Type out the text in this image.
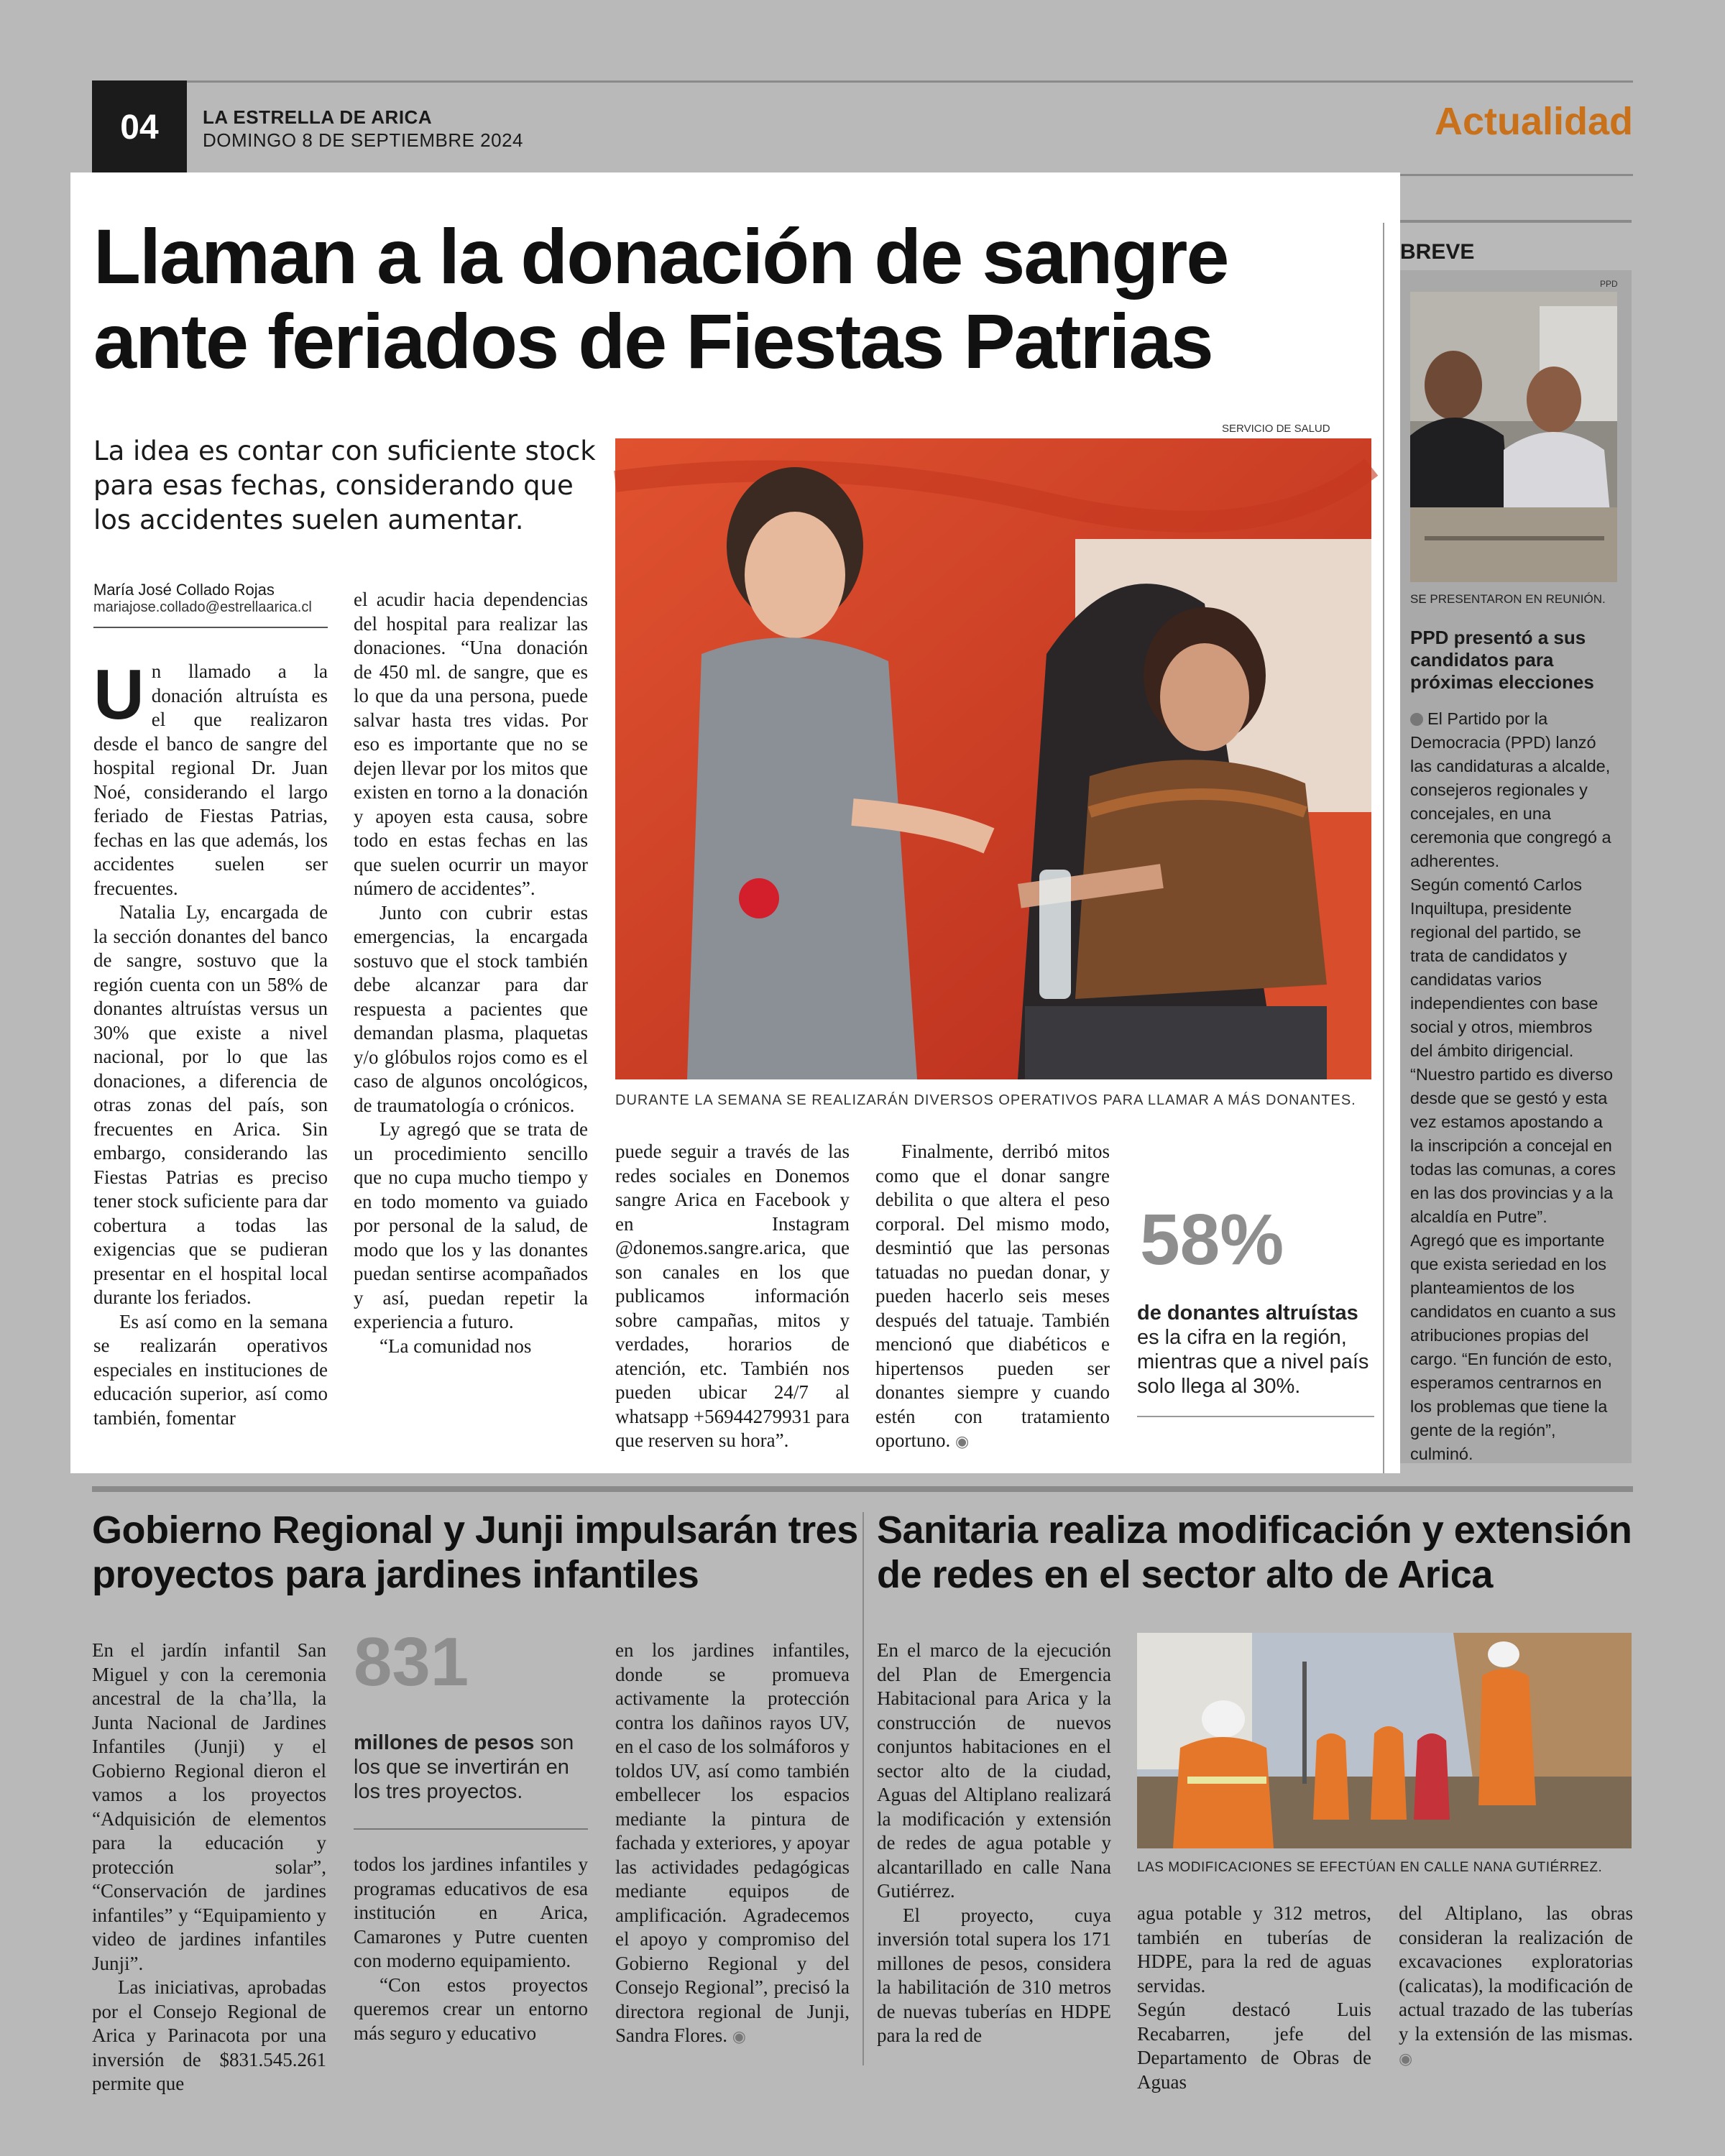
04	LA ESTRELLA DE ARICA
DOMINGO 8 DE SEPTIEMBRE 2024	Actualidad
Llaman a la donación de sangre ante feriados de Fiestas Patrias
La idea es contar con suficiente stock para esas fechas, considerando que los accidentes suelen aumentar.
María José Collado Rojas
mariajose.collado@estrellaarica.cl

Un llamado a la donación altruísta es el que realizaron desde el banco de sangre del hospital regional Dr. Juan Noé, considerando el largo feriado de Fiestas Patrias, fechas en las que además, los accidentes suelen ser frecuentes.

Natalia Ly, encargada de la sección donantes del banco de sangre, sostuvo que la región cuenta con un 58% de donantes altruístas versus un 30% que existe a nivel nacional, por lo que las donaciones, a diferencia de otras zonas del país, son frecuentes en Arica. Sin embargo, considerando las Fiestas Patrias es preciso tener stock suficiente para dar cobertura a todas las exigencias que se pudieran presentar en el hospital local durante los feriados.

Es así como en la semana se realizarán operativos especiales en instituciones de educación superior, así como también, fomentar

el acudir hacia dependencias del hospital para realizar las donaciones. “Una donación de 450 ml. de sangre, que es lo que da una persona, puede salvar hasta tres vidas. Por eso es importante que no se dejen llevar por los mitos que existen en torno a la donación y apoyen esta causa, sobre todo en estas fechas en las que suelen ocurrir un mayor número de accidentes”.

Junto con cubrir estas emergencias, la encargada sostuvo que el stock también debe alcanzar para dar respuesta a pacientes que demandan plasma, plaquetas y/o glóbulos rojos como es el caso de algunos oncológicos, de traumatología o crónicos.

Ly agregó que se trata de un procedimiento sencillo que no cupa mucho tiempo y en todo momento va guiado por personal de la salud, de modo que los y las donantes puedan sentirse acompañados y así, puedan repetir la experiencia a futuro.

“La comunidad nos

puede seguir a través de las redes sociales en Donemos sangre Arica en Facebook y en Instagram @donemos.sangre.arica, que son canales en los que publicamos información sobre campañas, mitos y verdades, horarios de atención, etc. También nos pueden ubicar 24/7 al whatsapp +56944279931 para que reserven su hora”.

Finalmente, derribó mitos como que el donar sangre debilita o que altera el peso corporal. Del mismo modo, desmintió que las personas tatuadas no puedan donar, y pueden hacerlo seis meses después del tatuaje. También mencionó que diabéticos e hipertensos pueden ser donantes siempre y cuando estén con tratamiento oportuno. ◉

SERVICIO DE SALUD
DURANTE LA SEMANA SE REALIZARÁN DIVERSOS OPERATIVOS PARA LLAMAR A MÁS DONANTES.
58%
de donantes altruístas
es la cifra en la región, mientras que a nivel país solo llega al 30%.
BREVE
PPD
SE PRESENTARON EN REUNIÓN.
PPD presentó a sus candidatos para próximas elecciones

El Partido por la Democracia (PPD) lanzó las candidaturas a alcalde, consejeros regionales y concejales, en una ceremonia que congregó a adherentes.

Según comentó Carlos Inquiltupa, presidente regional del partido, se trata de candidatos y candidatas varios independientes con base social y otros, miembros del ámbito dirigencial. “Nuestro partido es diverso desde que se gestó y esta vez estamos apostando a la inscripción a concejal en todas las comunas, a cores en las dos provincias y a la alcaldía en Putre”.

Agregó que es importante que exista seriedad en los planteamientos de los candidatos en cuanto a sus atribuciones propias del cargo. “En función de esto, esperamos centrarnos en los problemas que tiene la gente de la región”, culminó.

Gobierno Regional y Junji impulsarán tres proyectos para jardines infantiles

En el jardín infantil San Miguel y con la ceremonia ancestral de la cha’lla, la Junta Nacional de Jardines Infantiles (Junji) y el Gobierno Regional dieron el vamos a los proyectos “Adquisición de elementos para la educación y protección solar”, “Conservación de jardines infantiles” y “Equipamiento y video de jardines infantiles Junji”.

Las iniciativas, aprobadas por el Consejo Regional de Arica y Parinacota por una inversión de $831.545.261 permite que

831
millones de pesos son los que se invertirán en los tres proyectos.

todos los jardines infantiles y programas educativos de esa institución en Arica, Camarones y Putre cuenten con moderno equipamiento.

“Con estos proyectos queremos crear un entorno más seguro y educativo

en los jardines infantiles, donde se promueva activamente la protección contra los dañinos rayos UV, en el caso de los solmáforos y toldos UV, así como también embellecer los espacios mediante la pintura de fachada y exteriores, y apoyar las actividades pedagógicas mediante equipos de amplificación. Agradecemos el apoyo y compromiso del Gobierno Regional y del Consejo Regional”, precisó la directora regional de Junji, Sandra Flores. ◉

Sanitaria realiza modificación y extensión de redes en el sector alto de Arica

En el marco de la ejecución del Plan de Emergencia Habitacional para Arica y la construcción de nuevos conjuntos habitaciones en el sector alto de la ciudad, Aguas del Altiplano realizará la modificación y extensión de redes de agua potable y alcantarillado en calle Nana Gutiérrez.

El proyecto, cuya inversión total supera los 171 millones de pesos, considera la habilitación de 310 metros de nuevas tuberías en HDPE para la red de

LAS MODIFICACIONES SE EFECTÚAN EN CALLE NANA GUTIÉRREZ.

agua potable y 312 metros, también en tuberías de HDPE, para la red de aguas servidas.

Según destacó Luis Recabarren, jefe del Departamento de Obras de Aguas

del Altiplano, las obras consideran la realización de excavaciones exploratorias (calicatas), la modificación de actual trazado de las tuberías y la extensión de las mismas. ◉
